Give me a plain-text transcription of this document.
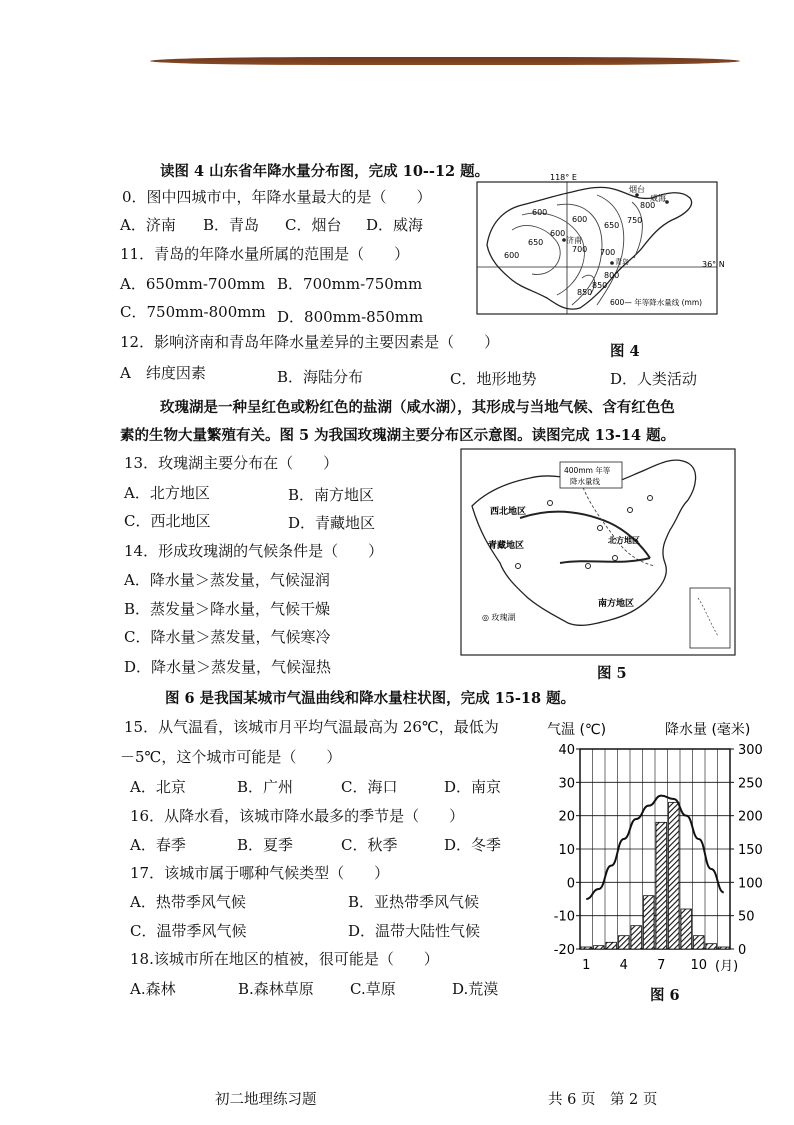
读图 4 山东省年降水量分布图，完成 10--12 题。
0．图中四城市中，年降水量最大的是（　　）
A．济南 B．青岛 C．烟台 D．威海
11．青岛的年降水量所属的范围是（　　）
A．650mm-700mm B．700mm-750mm
C．750mm-800mm D．800mm-850mm
12．影响济南和青岛年降水量差异的主要因素是（　　）
A　纬度因素	B．海陆分布	C．地形地势	D．人类活动
118° E
36° N
600
600
650
650
700
750
800
800
850
850
600
600
700
烟台
威海
济南
青岛
600— 年等降水量线 (mm)
图 4
玫瑰湖是一种呈红色或粉红色的盐湖（咸水湖），其形成与当地气候、含有红色色
素的生物大量繁殖有关。图 5 为我国玫瑰湖主要分布区示意图。读图完成 13-14 题。
13．玫瑰湖主要分布在（　　）
A．北方地区	B．南方地区
C．西北地区	D．青藏地区
14．形成玫瑰湖的气候条件是（　　）
A．降水量＞蒸发量，气候湿润
B．蒸发量＞降水量，气候干燥
C．降水量＞蒸发量，气候寒冷
D．降水量＞蒸发量，气候湿热
400mm 年等
降水量线
西北地区
青藏地区
北方地区
南方地区
◎ 玫瑰湖
图 5
图 6 是我国某城市气温曲线和降水量柱状图，完成 15-18 题。
15．从气温看，该城市月平均气温最高为 26℃，最低为
－5℃，这个城市可能是（　　）
A．北京	B．广州	C．海口	D．南京
16．从降水看，该城市降水最多的季节是（　　）
A．春季	B．夏季	C．秋季	D．冬季
17．该城市属于哪种气候类型（　　）
A．热带季风气候	B．亚热带季风气候
C．温带季风气候	D．温带大陆性气候
18.该城市所在地区的植被，很可能是（　　）
A.森林	B.森林草原 C.草原	D.荒漠
气温 (℃)	降水量 (毫米)
(月)
40
30
20
10
0
-10
-20
300
250
200
150
100
50
0
1 4 7 10
图 6
初二地理练习题	共 6 页　第 2 页
